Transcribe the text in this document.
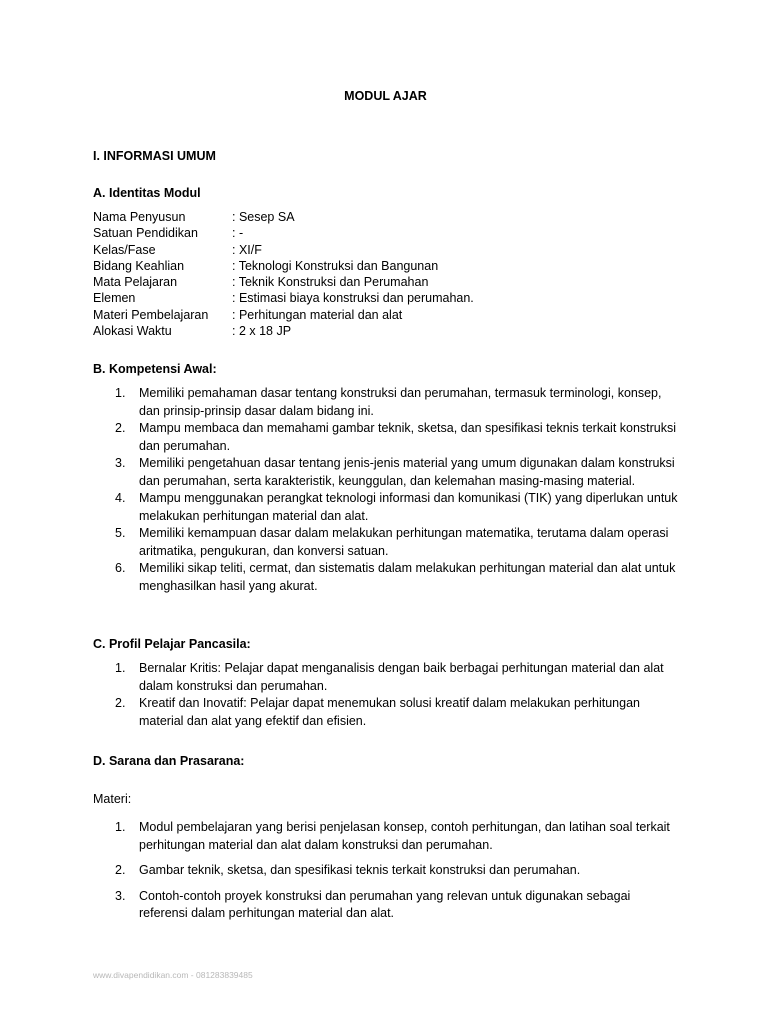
MODUL AJAR
I. INFORMASI UMUM
A. Identitas Modul
Nama Penyusun	: Sesep SA
Satuan Pendidikan	: -
Kelas/Fase	: XI/F
Bidang Keahlian	: Teknologi Konstruksi dan Bangunan
Mata Pelajaran	: Teknik Konstruksi dan Perumahan
Elemen	: Estimasi biaya konstruksi dan perumahan.
Materi Pembelajaran	: Perhitungan material dan alat
Alokasi Waktu	: 2 x 18 JP
B. Kompetensi Awal:
1. Memiliki pemahaman dasar tentang konstruksi dan perumahan, termasuk terminologi, konsep, dan prinsip-prinsip dasar dalam bidang ini.
2. Mampu membaca dan memahami gambar teknik, sketsa, dan spesifikasi teknis terkait konstruksi dan perumahan.
3. Memiliki pengetahuan dasar tentang jenis-jenis material yang umum digunakan dalam konstruksi dan perumahan, serta karakteristik, keunggulan, dan kelemahan masing-masing material.
4. Mampu menggunakan perangkat teknologi informasi dan komunikasi (TIK) yang diperlukan untuk melakukan perhitungan material dan alat.
5. Memiliki kemampuan dasar dalam melakukan perhitungan matematika, terutama dalam operasi aritmatika, pengukuran, dan konversi satuan.
6. Memiliki sikap teliti, cermat, dan sistematis dalam melakukan perhitungan material dan alat untuk menghasilkan hasil yang akurat.
C. Profil Pelajar Pancasila:
1. Bernalar Kritis: Pelajar dapat menganalisis dengan baik berbagai perhitungan material dan alat dalam konstruksi dan perumahan.
2. Kreatif dan Inovatif: Pelajar dapat menemukan solusi kreatif dalam melakukan perhitungan material dan alat yang efektif dan efisien.
D. Sarana dan Prasarana:
Materi:
1. Modul pembelajaran yang berisi penjelasan konsep, contoh perhitungan, dan latihan soal terkait perhitungan material dan alat dalam konstruksi dan perumahan.
2. Gambar teknik, sketsa, dan spesifikasi teknis terkait konstruksi dan perumahan.
3. Contoh-contoh proyek konstruksi dan perumahan yang relevan untuk digunakan sebagai referensi dalam perhitungan material dan alat.
www.divapendidikan.com - 081283839485
